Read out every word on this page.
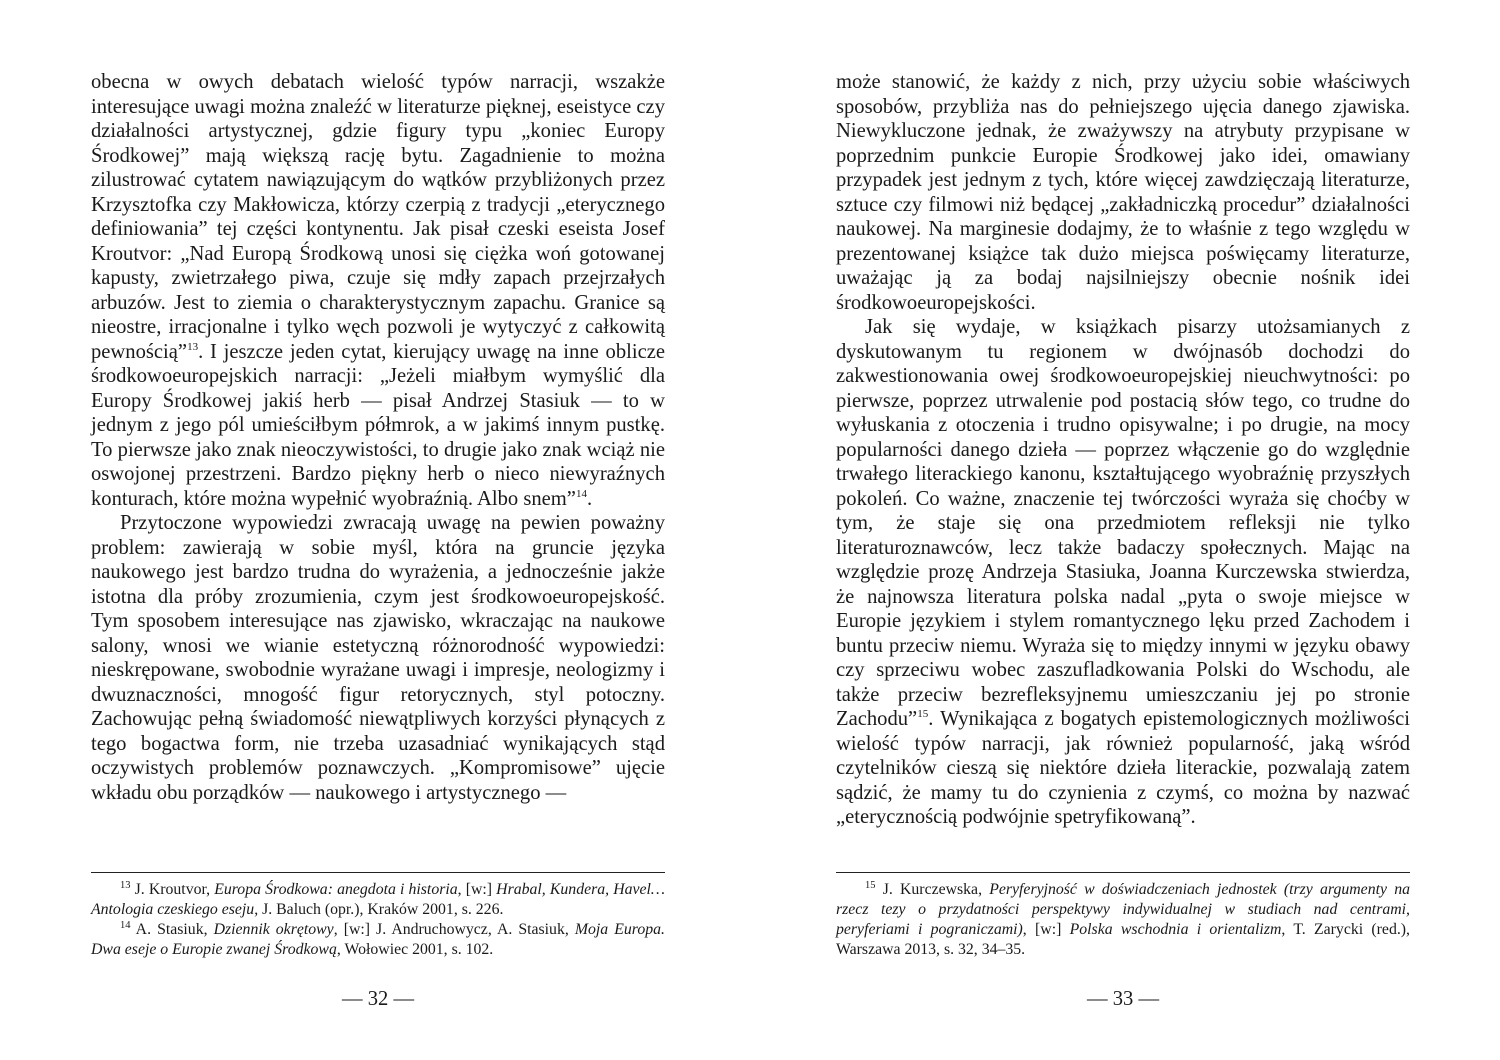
obecna w owych debatach wielość typów narracji, wszakże interesujące uwagi można znaleźć w literaturze pięknej, eseistyce czy działalności artystycznej, gdzie figury typu „koniec Europy Środkowej” mają większą rację bytu. Zagadnienie to można zilustrować cytatem nawiązującym do wątków przybliżonych przez Krzysztofka czy Makłowicza, którzy czerpią z tradycji „eterycznego definiowania” tej części kontynentu. Jak pisał czeski eseista Josef Kroutvor: „Nad Europą Środkową unosi się ciężka woń gotowanej kapusty, zwietrzałego piwa, czuje się mdły zapach przejrzałych arbuzów. Jest to ziemia o charakterystycznym zapachu. Granice są nieostre, irracjonalne i tylko węch pozwoli je wytyczyć z całkowitą pewnością”$^{13}$. I jeszcze jeden cytat, kierujący uwagę na inne oblicze środkowoeuropejskich narracji: „Jeżeli miałbym wymyślić dla Europy Środkowej jakiś herb — pisał Andrzej Stasiuk — to w jednym z jego pól umieściłbym półmrok, a w jakimś innym pustkę. To pierwsze jako znak nieoczywistości, to drugie jako znak wciąż nie oswojonej przestrzeni. Bardzo piękny herb o nieco niewyraźnych konturach, które można wypełnić wyobraźnią. Albo snem”$^{14}$.

Przytoczone wypowiedzi zwracają uwagę na pewien poważny problem: zawierają w sobie myśl, która na gruncie języka naukowego jest bardzo trudna do wyrażenia, a jednocześnie jakże istotna dla próby zrozumienia, czym jest środkowoeuropejskość. Tym sposobem interesujące nas zjawisko, wkraczając na naukowe salony, wnosi we wianie estetyczną różnorodność wypowiedzi: nieskrępowane, swobodnie wyrażane uwagi i impresje, neologizmy i dwuznaczności, mnogość figur retorycznych, styl potoczny. Zachowując pełną świadomość niewątpliwych korzyści płynących z tego bogactwa form, nie trzeba uzasadniać wynikających stąd oczywistych problemów poznawczych. „Kompromisowe” ujęcie wkładu obu porządków — naukowego i artystycznego —

$^{13}$ J. Kroutvor, Europa Środkowa: anegdota i historia, [w:] Hrabal, Kundera, Havel… Antologia czeskiego eseju, J. Baluch (opr.), Kraków 2001, s. 226.

$^{14}$ A. Stasiuk, Dziennik okrętowy, [w:] J. Andruchowycz, A. Stasiuk, Moja Europa. Dwa eseje o Europie zwanej Środkową, Wołowiec 2001, s. 102.

— 32 —

może stanowić, że każdy z nich, przy użyciu sobie właściwych sposobów, przybliża nas do pełniejszego ujęcia danego zjawiska. Niewykluczone jednak, że zważywszy na atrybuty przypisane w poprzednim punkcie Europie Środkowej jako idei, omawiany przypadek jest jednym z tych, które więcej zawdzięczają literaturze, sztuce czy filmowi niż będącej „zakładniczką procedur” działalności naukowej. Na marginesie dodajmy, że to właśnie z tego względu w prezentowanej książce tak dużo miejsca poświęcamy literaturze, uważając ją za bodaj najsilniejszy obecnie nośnik idei środkowoeuropejskości.

Jak się wydaje, w książkach pisarzy utożsamianych z dyskutowanym tu regionem w dwójnasób dochodzi do zakwestionowania owej środkowoeuropejskiej nieuchwytności: po pierwsze, poprzez utrwalenie pod postacią słów tego, co trudne do wyłuskania z otoczenia i trudno opisywalne; i po drugie, na mocy popularności danego dzieła — poprzez włączenie go do względnie trwałego literackiego kanonu, kształtującego wyobraźnię przyszłych pokoleń. Co ważne, znaczenie tej twórczości wyraża się choćby w tym, że staje się ona przedmiotem refleksji nie tylko literaturoznawców, lecz także badaczy społecznych. Mając na względzie prozę Andrzeja Stasiuka, Joanna Kurczewska stwierdza, że najnowsza literatura polska nadal „pyta o swoje miejsce w Europie językiem i stylem romantycznego lęku przed Zachodem i buntu przeciw niemu. Wyraża się to między innymi w języku obawy czy sprzeciwu wobec zaszufladkowania Polski do Wschodu, ale także przeciw bezrefleksyjnemu umieszczaniu jej po stronie Zachodu”$^{15}$. Wynikająca z bogatych epistemologicznych możliwości wielość typów narracji, jak również popularność, jaką wśród czytelników cieszą się niektóre dzieła literackie, pozwalają zatem sądzić, że mamy tu do czynienia z czymś, co można by nazwać „eterycznością podwójnie spetryfikowaną”.

$^{15}$ J. Kurczewska, Peryferyjność w doświadczeniach jednostek (trzy argumenty na rzecz tezy o przydatności perspektywy indywidualnej w studiach nad centrami, peryferiami i pograniczami), [w:] Polska wschodnia i orientalizm, T. Zarycki (red.), Warszawa 2013, s. 32, 34–35.

— 33 —
